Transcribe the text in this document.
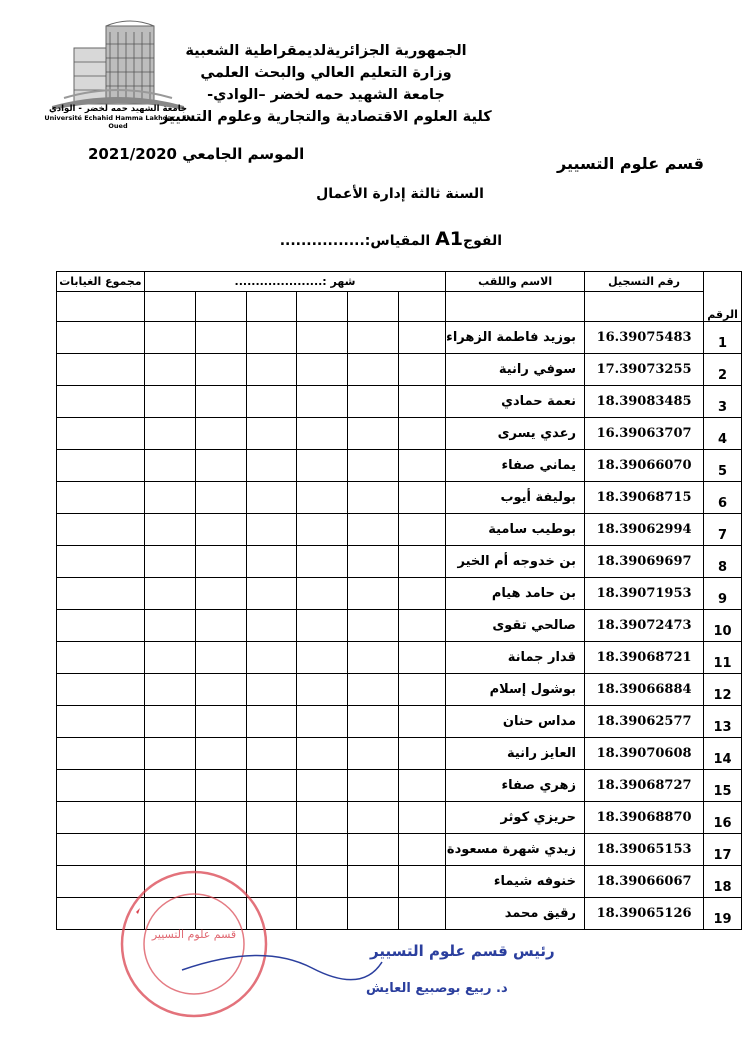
جامعة الشهيد حمه لخضر - الوادي
Université Echahid Hamma Lakhdar - El-Oued
الجمهورية الجزائريةلديمقراطية الشعبية
وزارة التعليم العالي والبحث العلمي
جامعة الشهيد حمه لخضر –الوادي-
كلية العلوم الاقتصادية والتجارية وعلوم التسيير
قسم علوم التسيير
الموسم الجامعي 2021/2020
السنة ثالثة إدارة الأعمال
الفوجA1 المقياس:................
مجموع الغيابات	شهر :.....................						الاسم واللقب	رقم التسجيل	الرقم

							بوزيد فاطمة الزهراء	16.39075483	1
							سوفي رانية	17.39073255	2
							نعمة حمادي	18.39083485	3
							رعدي يسرى	16.39063707	4
							يماني صفاء	18.39066070	5
							بوليفة أيوب	18.39068715	6
							بوطيب سامية	18.39062994	7
							بن خدوجه أم الخير	18.39069697	8
							بن حامد هيام	18.39071953	9
							صالحي تقوى	18.39072473	10
							قدار جمانة	18.39068721	11
							بوشول إسلام	18.39066884	12
							مداس حنان	18.39062577	13
							العايز رانية	18.39070608	14
							زهري صفاء	18.39068727	15
							حريزي كوثر	18.39068870	16
							زيدي شهرة مسعودة	18.39065153	17
							خنوفه شيماء	18.39066067	18
							رقيق محمد	18.39065126	19
قسم علوم التسيير
رئيس قسم علوم التسيير
د. ربيع بوصبيع العايش
